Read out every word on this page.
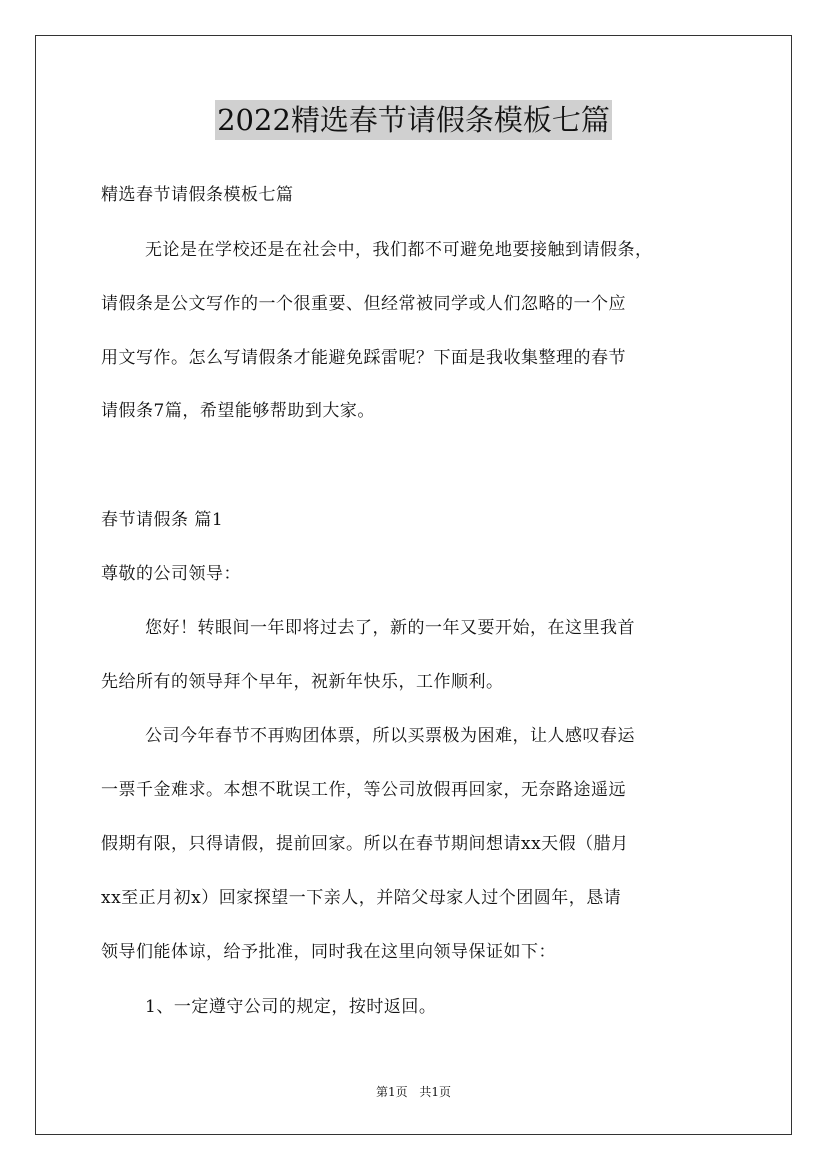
2022精选春节请假条模板七篇
精选春节请假条模板七篇
无论是在学校还是在社会中，我们都不可避免地要接触到请假条，
请假条是公文写作的一个很重要、但经常被同学或人们忽略的一个应
用文写作。怎么写请假条才能避免踩雷呢？下面是我收集整理的春节
请假条7篇，希望能够帮助到大家。
春节请假条 篇1
尊敬的公司领导：
您好！转眼间一年即将过去了，新的一年又要开始，在这里我首
先给所有的领导拜个早年，祝新年快乐，工作顺利。
公司今年春节不再购团体票，所以买票极为困难，让人感叹春运
一票千金难求。本想不耽误工作，等公司放假再回家，无奈路途遥远
假期有限，只得请假，提前回家。所以在春节期间想请xx天假（腊月
xx至正月初x）回家探望一下亲人，并陪父母家人过个团圆年，恳请
领导们能体谅，给予批准，同时我在这里向领导保证如下：
1、一定遵守公司的规定，按时返回。
第1页 共1页
